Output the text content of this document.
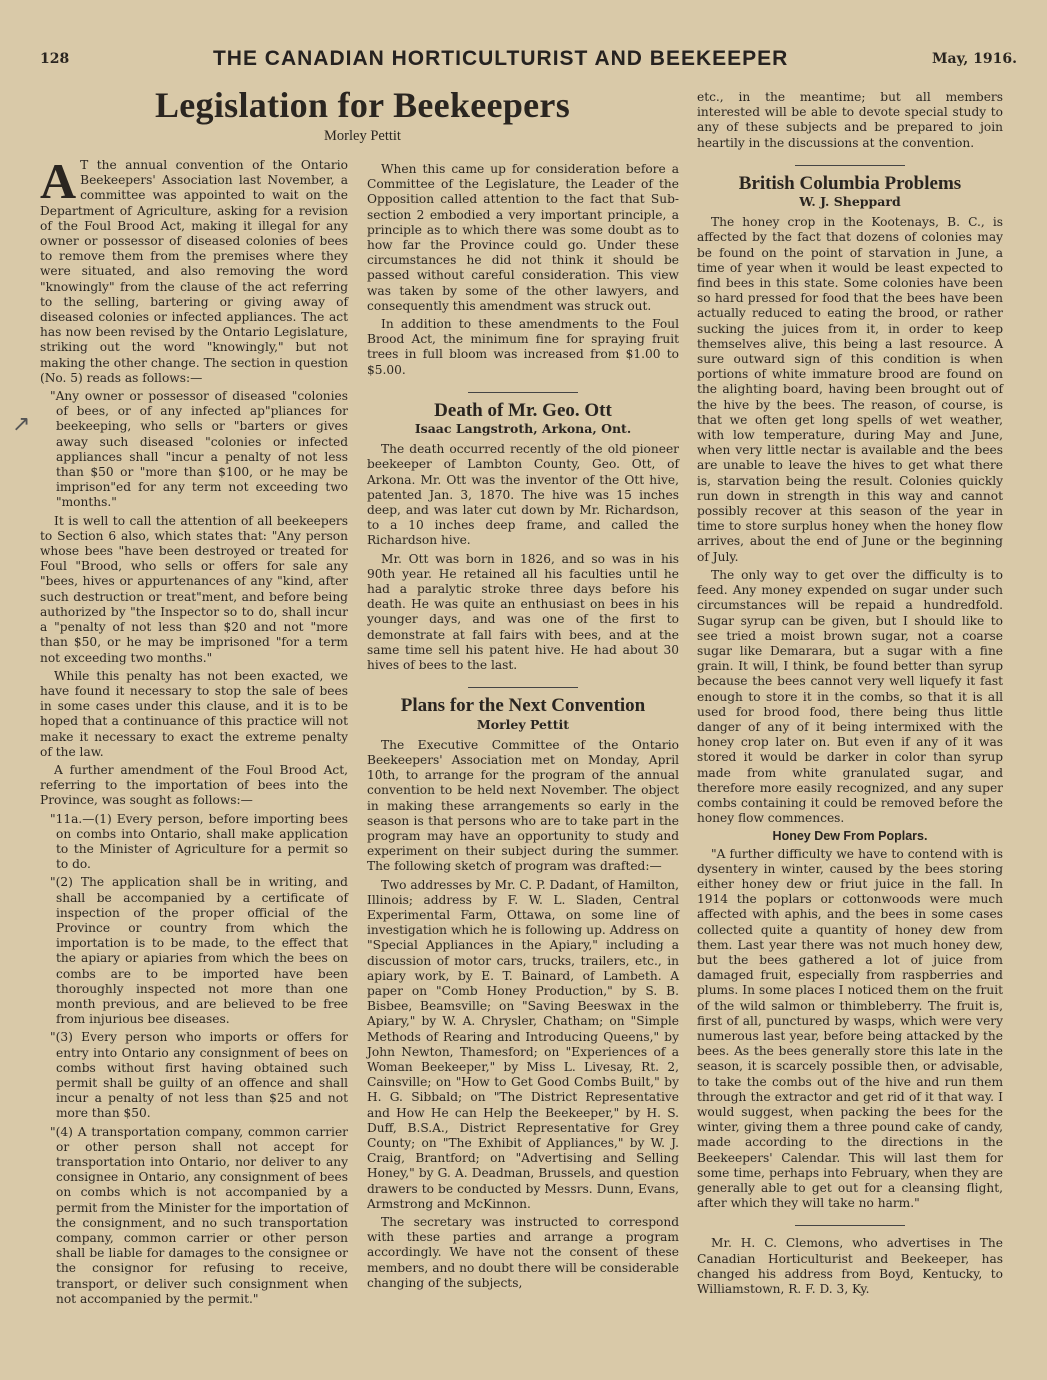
128	THE CANADIAN HORTICULTURIST AND BEEKEEPER	May, 1916.
↗
Legislation for Beekeepers
Morley Pettit

A T the annual convention of the Ontario Beekeepers' Association last November, a committee was appointed to wait on the Department of Agriculture, asking for a revision of the Foul Brood Act, making it illegal for any owner or possessor of diseased colonies of bees to remove them from the premises where they were situated, and also removing the word "knowingly" from the clause of the act referring to the selling, bartering or giving away of diseased colonies or infected appliances. The act has now been revised by the Ontario Legislature, striking out the word "knowingly," but not making the other change. The section in question (No. 5) reads as follows:—

"Any owner or possessor of diseased "colonies of bees, or of any infected ap"pliances for beekeeping, who sells or "barters or gives away such diseased "colonies or infected appliances shall "incur a penalty of not less than $50 or "more than $100, or he may be imprison"ed for any term not exceeding two "months."

It is well to call the attention of all beekeepers to Section 6 also, which states that: "Any person whose bees "have been destroyed or treated for Foul "Brood, who sells or offers for sale any "bees, hives or appurtenances of any "kind, after such destruction or treat"ment, and before being authorized by "the Inspector so to do, shall incur a "penalty of not less than $20 and not "more than $50, or he may be imprisoned "for a term not exceeding two months."

While this penalty has not been exacted, we have found it necessary to stop the sale of bees in some cases under this clause, and it is to be hoped that a continuance of this practice will not make it necessary to exact the extreme penalty of the law.

A further amendment of the Foul Brood Act, referring to the importation of bees into the Province, was sought as follows:—

"11a.—(1) Every person, before importing bees on combs into Ontario, shall make application to the Minister of Agriculture for a permit so to do.

"(2) The application shall be in writing, and shall be accompanied by a certificate of inspection of the proper official of the Province or country from which the importation is to be made, to the effect that the apiary or apiaries from which the bees on combs are to be imported have been thoroughly inspected not more than one month previous, and are believed to be free from injurious bee diseases.

"(3) Every person who imports or offers for entry into Ontario any consignment of bees on combs without first having obtained such permit shall be guilty of an offence and shall incur a penalty of not less than $25 and not more than $50.

"(4) A transportation company, common carrier or other person shall not accept for transportation into Ontario, nor deliver to any consignee in Ontario, any consignment of bees on combs which is not accompanied by a permit from the Minister for the importation of the consignment, and no such transportation company, common carrier or other person shall be liable for damages to the consignee or the consignor for refusing to receive, transport, or deliver such consignment when not accompanied by the permit."

When this came up for consideration before a Committee of the Legislature, the Leader of the Opposition called attention to the fact that Sub-section 2 embodied a very important principle, a principle as to which there was some doubt as to how far the Province could go. Under these circumstances he did not think it should be passed without careful consideration. This view was taken by some of the other lawyers, and consequently this amendment was struck out.

In addition to these amendments to the Foul Brood Act, the minimum fine for spraying fruit trees in full bloom was increased from $1.00 to $5.00.

Death of Mr. Geo. Ott
Isaac Langstroth, Arkona, Ont.

The death occurred recently of the old pioneer beekeeper of Lambton County, Geo. Ott, of Arkona. Mr. Ott was the inventor of the Ott hive, patented Jan. 3, 1870. The hive was 15 inches deep, and was later cut down by Mr. Richardson, to a 10 inches deep frame, and called the Richardson hive.

Mr. Ott was born in 1826, and so was in his 90th year. He retained all his faculties until he had a paralytic stroke three days before his death. He was quite an enthusiast on bees in his younger days, and was one of the first to demonstrate at fall fairs with bees, and at the same time sell his patent hive. He had about 30 hives of bees to the last.

Plans for the Next Convention
Morley Pettit

The Executive Committee of the Ontario Beekeepers' Association met on Monday, April 10th, to arrange for the program of the annual convention to be held next November. The object in making these arrangements so early in the season is that persons who are to take part in the program may have an opportunity to study and experiment on their subject during the summer. The following sketch of program was drafted:—

Two addresses by Mr. C. P. Dadant, of Hamilton, Illinois; address by F. W. L. Sladen, Central Experimental Farm, Ottawa, on some line of investigation which he is following up. Address on "Special Appliances in the Apiary," including a discussion of motor cars, trucks, trailers, etc., in apiary work, by E. T. Bainard, of Lambeth. A paper on "Comb Honey Production," by S. B. Bisbee, Beamsville; on "Saving Beeswax in the Apiary," by W. A. Chrysler, Chatham; on "Simple Methods of Rearing and Introducing Queens," by John Newton, Thamesford; on "Experiences of a Woman Beekeeper," by Miss L. Livesay, Rt. 2, Cainsville; on "How to Get Good Combs Built," by H. G. Sibbald; on "The District Representative and How He can Help the Beekeeper," by H. S. Duff, B.S.A., District Representative for Grey County; on "The Exhibit of Appliances," by W. J. Craig, Brantford; on "Advertising and Selling Honey," by G. A. Deadman, Brussels, and question drawers to be conducted by Messrs. Dunn, Evans, Armstrong and McKinnon.

The secretary was instructed to correspond with these parties and arrange a program accordingly. We have not the consent of these members, and no doubt there will be considerable changing of the subjects,

etc., in the meantime; but all members interested will be able to devote special study to any of these subjects and be prepared to join heartily in the discussions at the convention.

British Columbia Problems
W. J. Sheppard

The honey crop in the Kootenays, B. C., is affected by the fact that dozens of colonies may be found on the point of starvation in June, a time of year when it would be least expected to find bees in this state. Some colonies have been so hard pressed for food that the bees have been actually reduced to eating the brood, or rather sucking the juices from it, in order to keep themselves alive, this being a last resource. A sure outward sign of this condition is when portions of white immature brood are found on the alighting board, having been brought out of the hive by the bees. The reason, of course, is that we often get long spells of wet weather, with low temperature, during May and June, when very little nectar is available and the bees are unable to leave the hives to get what there is, starvation being the result. Colonies quickly run down in strength in this way and cannot possibly recover at this season of the year in time to store surplus honey when the honey flow arrives, about the end of June or the beginning of July.

The only way to get over the difficulty is to feed. Any money expended on sugar under such circumstances will be repaid a hundredfold. Sugar syrup can be given, but I should like to see tried a moist brown sugar, not a coarse sugar like Demarara, but a sugar with a fine grain. It will, I think, be found better than syrup because the bees cannot very well liquefy it fast enough to store it in the combs, so that it is all used for brood food, there being thus little danger of any of it being intermixed with the honey crop later on. But even if any of it was stored it would be darker in color than syrup made from white granulated sugar, and therefore more easily recognized, and any super combs containing it could be removed before the honey flow commences.

Honey Dew From Poplars.

"A further difficulty we have to contend with is dysentery in winter, caused by the bees storing either honey dew or friut juice in the fall. In 1914 the poplars or cottonwoods were much affected with aphis, and the bees in some cases collected quite a quantity of honey dew from them. Last year there was not much honey dew, but the bees gathered a lot of juice from damaged fruit, especially from raspberries and plums. In some places I noticed them on the fruit of the wild salmon or thimbleberry. The fruit is, first of all, punctured by wasps, which were very numerous last year, before being attacked by the bees. As the bees generally store this late in the season, it is scarcely possible then, or advisable, to take the combs out of the hive and run them through the extractor and get rid of it that way. I would suggest, when packing the bees for the winter, giving them a three pound cake of candy, made according to the directions in the Beekeepers' Calendar. This will last them for some time, perhaps into February, when they are generally able to get out for a cleansing flight, after which they will take no harm."

Mr. H. C. Clemons, who advertises in The Canadian Horticulturist and Beekeeper, has changed his address from Boyd, Kentucky, to Williamstown, R. F. D. 3, Ky.
